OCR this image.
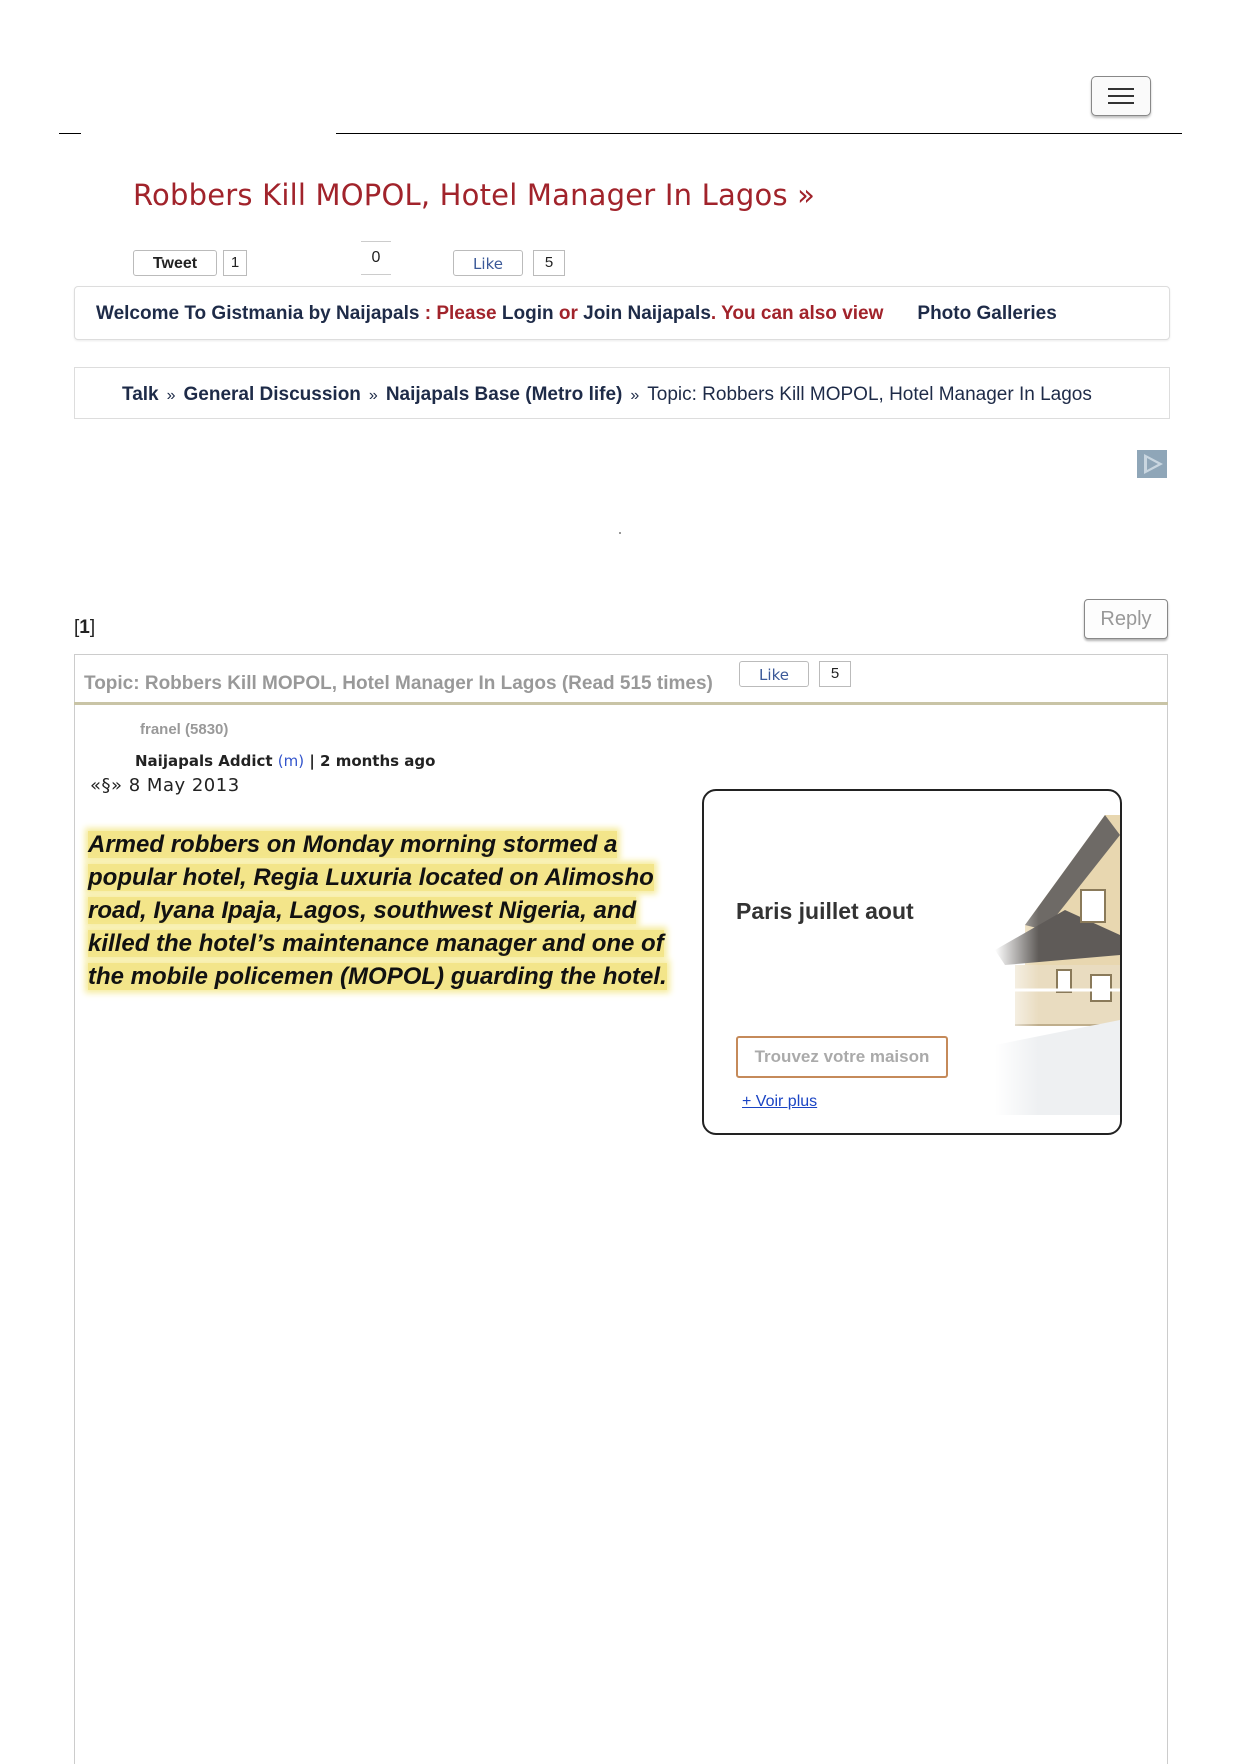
Robbers Kill MOPOL, Hotel Manager In Lagos »
Tweet	1	0	Like	5
Welcome To Gistmania by Naijapals : Please Login or Join Naijapals. You can also view Photo Galleries
Talk » General Discussion » Naijapals Base (Metro life) » Topic: Robbers Kill MOPOL, Hotel Manager In Lagos
[1]	Reply
Topic: Robbers Kill MOPOL, Hotel Manager In Lagos (Read 515 times)	Like	5
franel (5830)
Naijapals Addict (m) | 2 months ago
«§» 8 May 2013
Armed robbers on Monday morning stormed a popular hotel, Regia Luxuria located on Alimosho road, Iyana Ipaja, Lagos, southwest Nigeria, and killed the hotel’s maintenance manager and one of the mobile policemen (MOPOL) guarding the hotel.
Paris juillet aout
Trouvez votre maison
+ Voir plus
